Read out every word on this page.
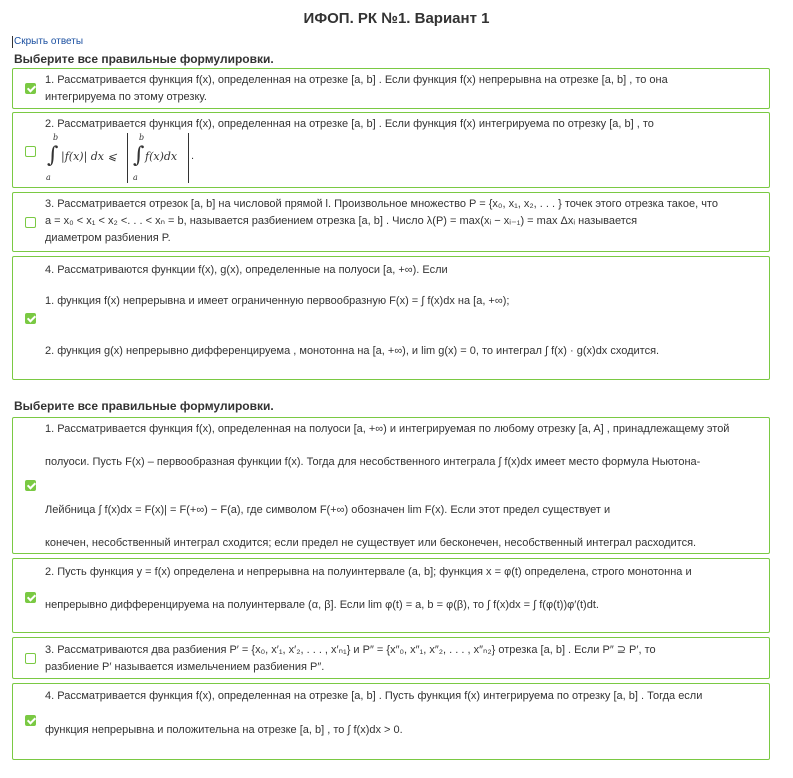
ИФОП. РК №1. Вариант 1
Скрыть ответы
Выберите все правильные формулировки.
1. Рассматривается функция f(x), определенная на отрезке [a, b] . Если функция f(x) непрерывна на отрезке [a, b] , то она
интегрируема по этому отрезку.
2. Рассматривается функция f(x), определенная на отрезке [a, b] . Если функция f(x) интегрируема по отрезку [a, b] , то
b
∫
a
b
∫
a
|f(x)| dx ⩽	f(x)dx .
3. Рассматривается отрезок [a, b] на числовой прямой l. Произвольное множество P = {x₀, x₁, x₂, . . . } точек этого отрезка такое, что
a = x₀ < x₁ < x₂ <. . . < xₙ = b, называется разбиением отрезка [a, b] . Число λ(P) = max(xᵢ − xᵢ₋₁) = max Δxᵢ называется
диаметром разбиения P.
4. Рассматриваются функции f(x), g(x), определенные на полуоси [a, +∞). Если
1. функция f(x) непрерывна и имеет ограниченную первообразную F(x) = ∫ f(x)dx на [a, +∞);
2. функция g(x) непрерывно дифференцируема , монотонна на [a, +∞), и lim g(x) = 0, то интеграл ∫ f(x) · g(x)dx сходится.
Выберите все правильные формулировки.
1. Рассматривается функция f(x), определенная на полуоси [a, +∞) и интегрируемая по любому отрезку [a, A] , принадлежащему этой
полуоси. Пусть F(x) – первообразная функции f(x). Тогда для несобственного интеграла ∫ f(x)dx имеет место формула Ньютона-
Лейбница ∫ f(x)dx = F(x)| = F(+∞) − F(a), где символом F(+∞) обозначен lim F(x). Если этот предел существует и
конечен, несобственный интеграл сходится; если предел не существует или бесконечен, несобственный интеграл расходится.
2. Пусть функция y = f(x) определена и непрерывна на полуинтервале (a, b]; функция x = φ(t) определена, строго монотонна и
непрерывно дифференцируема на полуинтервале (α, β]. Если lim φ(t) = a, b = φ(β), то ∫ f(x)dx = ∫ f(φ(t))φ′(t)dt.
3. Рассматриваются два разбиения P′ = {x₀, x′₁, x′₂, . . . , x′ₙ₁} и P″ = {x″₀, x″₁, x″₂, . . . , x″ₙ₂} отрезка [a, b] . Если P″ ⊇ P′, то
разбиение P′ называется измельчением разбиения P″.
4. Рассматривается функция f(x), определенная на отрезке [a, b] . Пусть функция f(x) интегрируема по отрезку [a, b] . Тогда если
функция непрерывна и положительна на отрезке [a, b] , то ∫ f(x)dx > 0.
